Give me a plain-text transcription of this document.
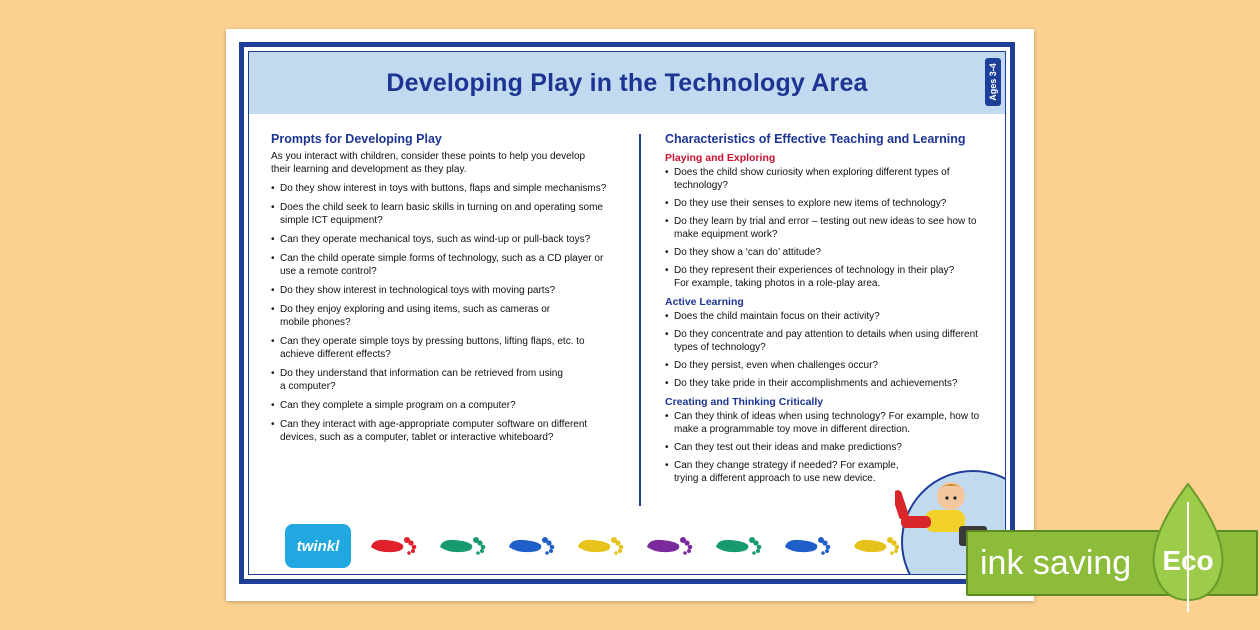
Developing Play in the Technology Area	Ages 3-4
Prompts for Developing Play

As you interact with children, consider these points to help you develop
their learning and development as they play.

• Do they show interest in toys with buttons, flaps and simple mechanisms?
• Does the child seek to learn basic skills in turning on and operating some
simple ICT equipment?
• Can they operate mechanical toys, such as wind-up or pull-back toys?
• Can the child operate simple forms of technology, such as a CD player or
use a remote control?
• Do they show interest in technological toys with moving parts?
• Do they enjoy exploring and using items, such as cameras or
mobile phones?
• Can they operate simple toys by pressing buttons, lifting flaps, etc. to
achieve different effects?
• Do they understand that information can be retrieved from using
a computer?
• Can they complete a simple program on a computer?
• Can they interact with age-appropriate computer software on different
devices, such as a computer, tablet or interactive whiteboard?
Characteristics of Effective Teaching and Learning
Playing and Exploring
• Does the child show curiosity when exploring different types of
technology?
• Do they use their senses to explore new items of technology?
• Do they learn by trial and error – testing out new ideas to see how to
make equipment work?
• Do they show a ‘can do’ attitude?
• Do they represent their experiences of technology in their play?
For example, taking photos in a role-play area.
Active Learning
• Does the child maintain focus on their activity?
• Do they concentrate and pay attention to details when using different
types of technology?
• Do they persist, even when challenges occur?
• Do they take pride in their accomplishments and achievements?
Creating and Thinking Critically
• Can they think of ideas when using technology? For example, how to
make a programmable toy move in different direction.
• Can they test out their ideas and make predictions?
• Can they change strategy if needed? For example,
trying a different approach to use new device.
twinkl	ink saving Eco
